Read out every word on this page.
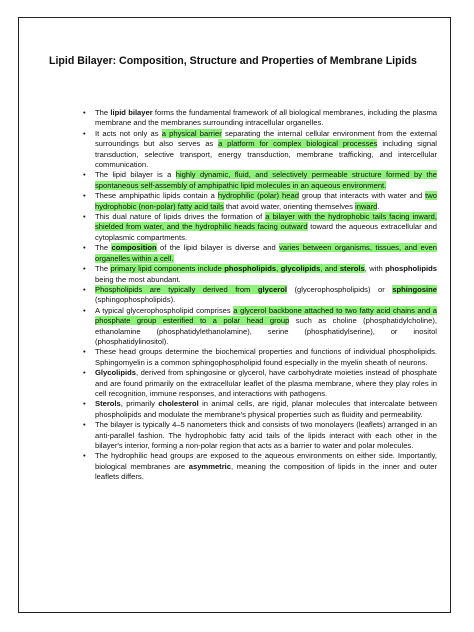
Lipid Bilayer: Composition, Structure and Properties of Membrane Lipids
• The lipid bilayer forms the fundamental framework of all biological membranes, including the plasma membrane and the membranes surrounding intracellular organelles.
• It acts not only as a physical barrier separating the internal cellular environment from the external surroundings but also serves as a platform for complex biological processes including signal transduction, selective transport, energy transduction, membrane trafficking, and intercellular communication.
• The lipid bilayer is a highly dynamic, fluid, and selectively permeable structure formed by the spontaneous self-assembly of amphipathic lipid molecules in an aqueous environment.
• These amphipathic lipids contain a hydrophilic (polar) head group that interacts with water and two hydrophobic (non-polar) fatty acid tails that avoid water, orienting themselves inward.
• This dual nature of lipids drives the formation of a bilayer with the hydrophobic tails facing inward, shielded from water, and the hydrophilic heads facing outward toward the aqueous extracellular and cytoplasmic compartments.
• The composition of the lipid bilayer is diverse and varies between organisms, tissues, and even organelles within a cell.
• The primary lipid components include phospholipids, glycolipids, and sterols, with phospholipids being the most abundant.
• Phospholipids are typically derived from glycerol (glycerophospholipids) or sphingosine (sphingophospholipids).
• A typical glycerophospholipid comprises a glycerol backbone attached to two fatty acid chains and a phosphate group esterified to a polar head group such as choline (phosphatidylcholine), ethanolamine (phosphatidylethanolamine), serine (phosphatidylserine), or inositol (phosphatidylinositol).
• These head groups determine the biochemical properties and functions of individual phospholipids. Sphingomyelin is a common sphingophospholipid found especially in the myelin sheath of neurons.
• Glycolipids, derived from sphingosine or glycerol, have carbohydrate moieties instead of phosphate and are found primarily on the extracellular leaflet of the plasma membrane, where they play roles in cell recognition, immune responses, and interactions with pathogens.
• Sterols, primarily cholesterol in animal cells, are rigid, planar molecules that intercalate between phospholipids and modulate the membrane's physical properties such as fluidity and permeability.
• The bilayer is typically 4–5 nanometers thick and consists of two monolayers (leaflets) arranged in an anti-parallel fashion. The hydrophobic fatty acid tails of the lipids interact with each other in the bilayer's interior, forming a non-polar region that acts as a barrier to water and polar molecules.
• The hydrophilic head groups are exposed to the aqueous environments on either side. Importantly, biological membranes are asymmetric, meaning the composition of lipids in the inner and outer leaflets differs.
